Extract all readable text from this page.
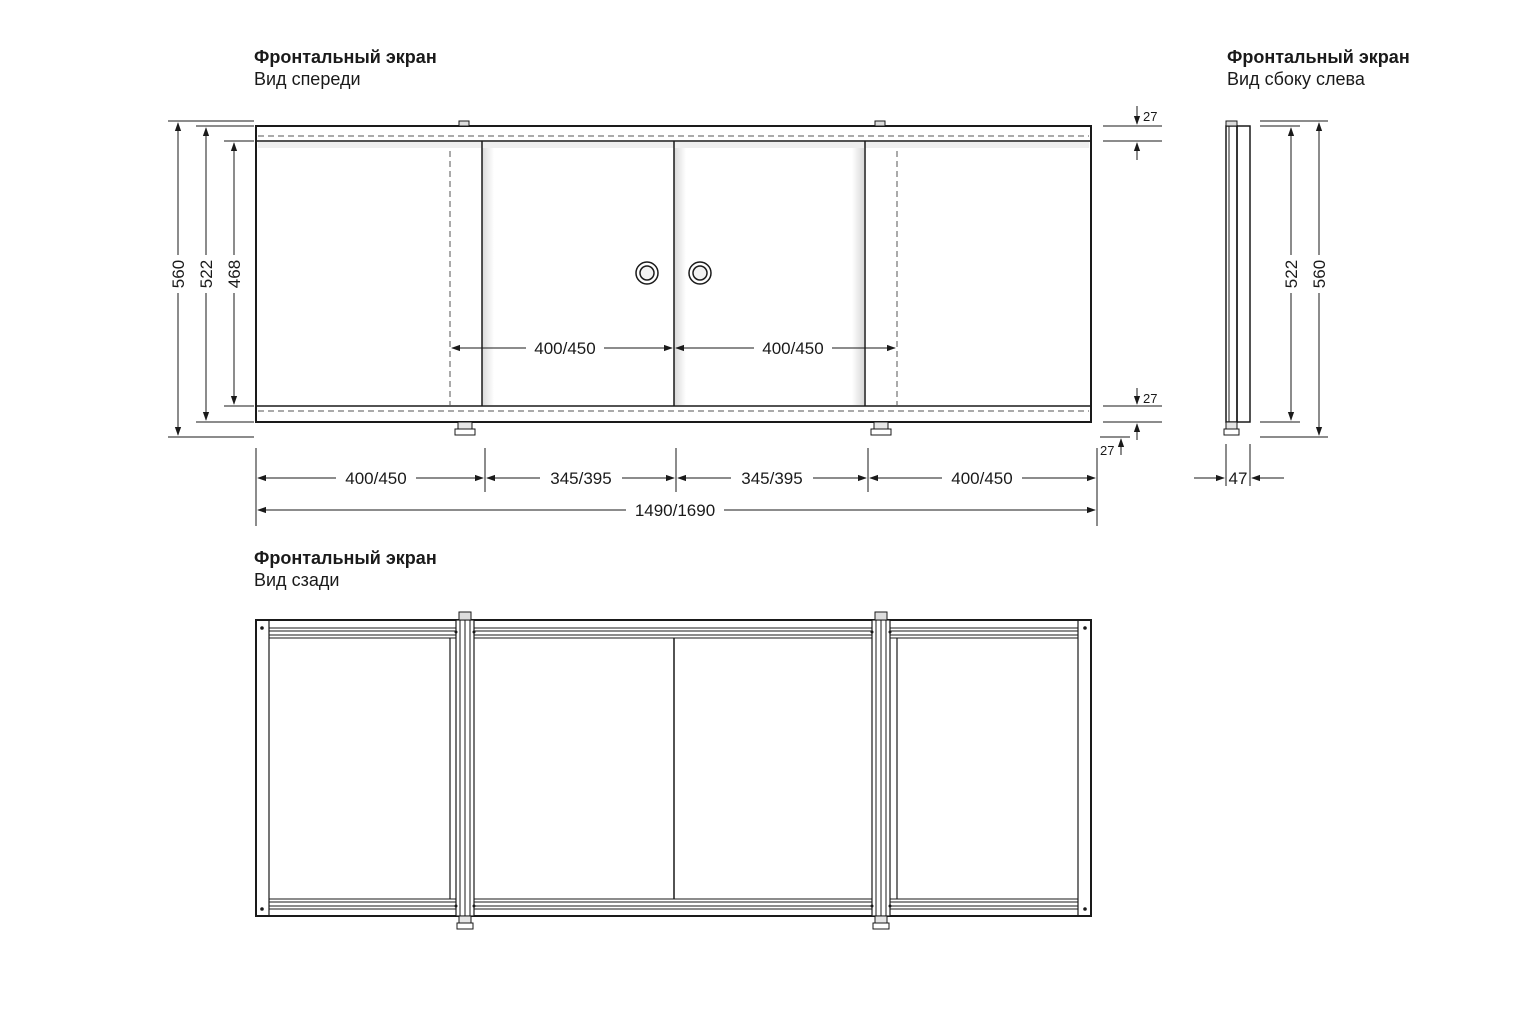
Фронтальный экран
Вид спереди
Фронтальный экран
Вид сбоку слева
Фронтальный экран
Вид сзади
560 522 468
400/450	400/450
27
27
27
400/450	345/395	345/395	400/450
1490/1690
522 560
47
